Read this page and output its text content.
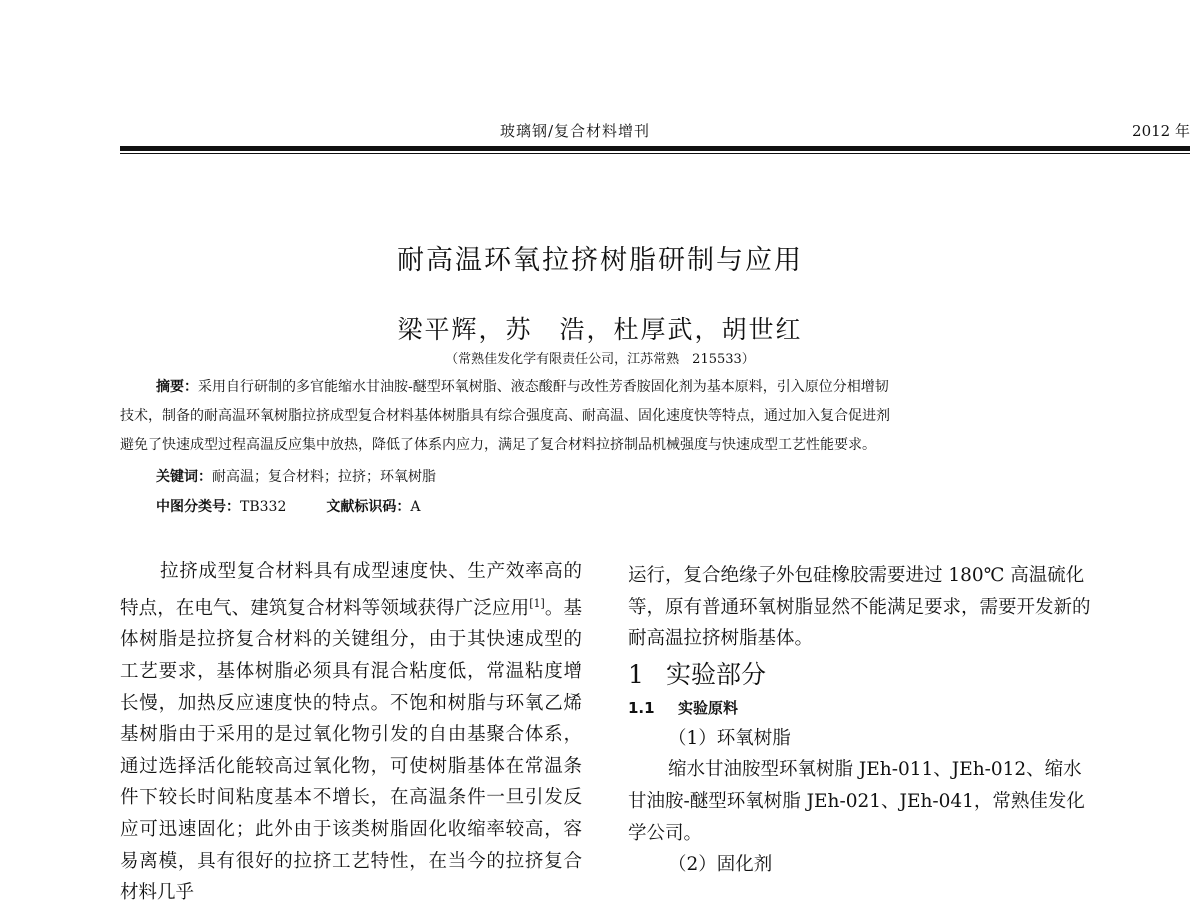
玻璃钢/复合材料增刊	2012 年
耐高温环氧拉挤树脂研制与应用
梁平辉，苏　浩，杜厚武，胡世红
（常熟佳发化学有限责任公司，江苏常熟　215533）

摘要：采用自行研制的多官能缩水甘油胺-醚型环氧树脂、液态酸酐与改性芳香胺固化剂为基本原料，引入原位分相增韧

技术，制备的耐高温环氧树脂拉挤成型复合材料基体树脂具有综合强度高、耐高温、固化速度快等特点，通过加入复合促进剂

避免了快速成型过程高温反应集中放热，降低了体系内应力，满足了复合材料拉挤制品机械强度与快速成型工艺性能要求。

关键词：耐高温；复合材料；拉挤；环氧树脂
中图分类号：TB332	文献标识码：A

拉挤成型复合材料具有成型速度快、生产效率高的特点，在电气、建筑复合材料等领域获得广泛应用[1]。基体树脂是拉挤复合材料的关键组分，由于其快速成型的工艺要求，基体树脂必须具有混合粘度低，常温粘度增长慢，加热反应速度快的特点。不饱和树脂与环氧乙烯基树脂由于采用的是过氧化物引发的自由基聚合体系，通过选择活化能较高过氧化物，可使树脂基体在常温条件下较长时间粘度基本不增长，在高温条件一旦引发反应可迅速固化；此外由于该类树脂固化收缩率较高，容易离模，具有很好的拉挤工艺特性，在当今的拉挤复合材料几乎

运行，复合绝缘子外包硅橡胶需要进过 180℃ 高温硫化等，原有普通环氧树脂显然不能满足要求，需要开发新的耐高温拉挤树脂基体。

1 实验部分
1.1 实验原料

（1）环氧树脂

缩水甘油胺型环氧树脂 JEh-011、JEh-012、缩水甘油胺-醚型环氧树脂 JEh-021、JEh-041，常熟佳发化学公司。

（2）固化剂
